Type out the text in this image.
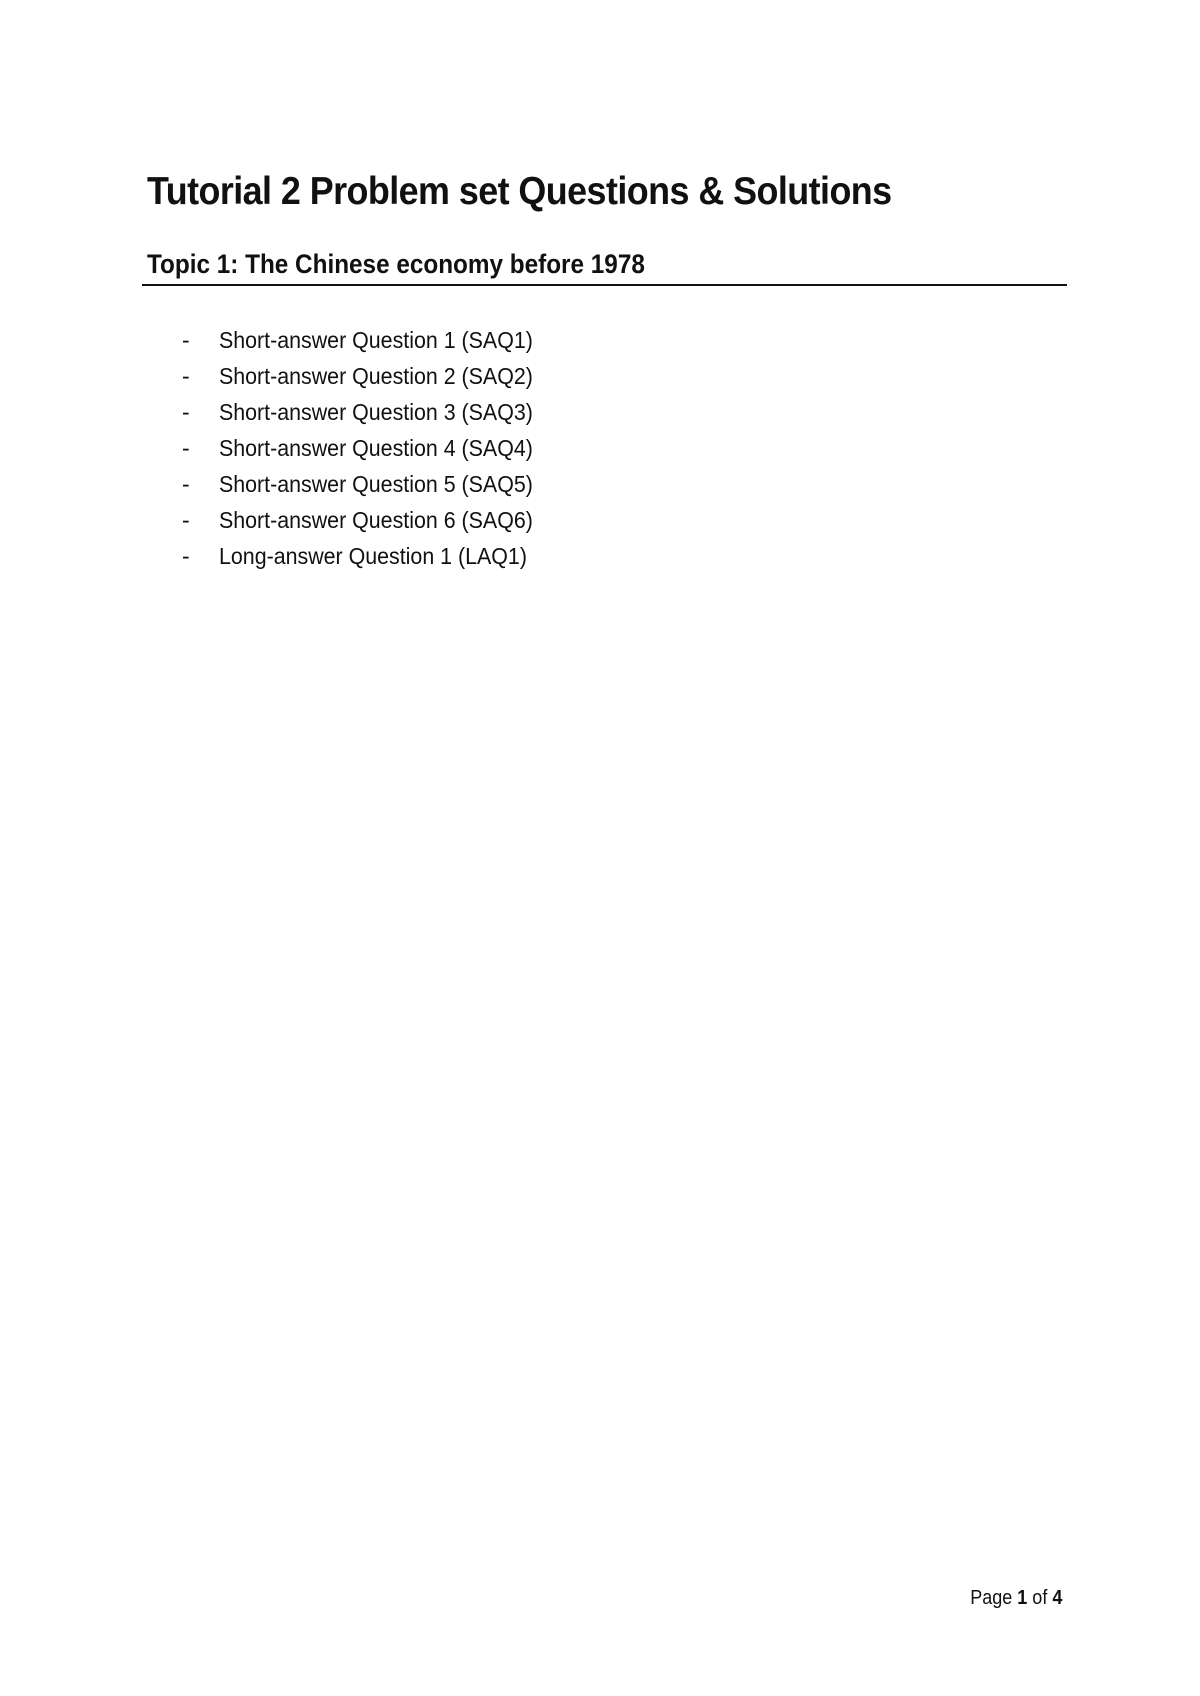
Tutorial 2 Problem set Questions & Solutions
Topic 1: The Chinese economy before 1978
-	Short-answer Question 1 (SAQ1)
-	Short-answer Question 2 (SAQ2)
-	Short-answer Question 3 (SAQ3)
-	Short-answer Question 4 (SAQ4)
-	Short-answer Question 5 (SAQ5)
-	Short-answer Question 6 (SAQ6)
-	Long-answer Question 1 (LAQ1)
Page 1 of 4
